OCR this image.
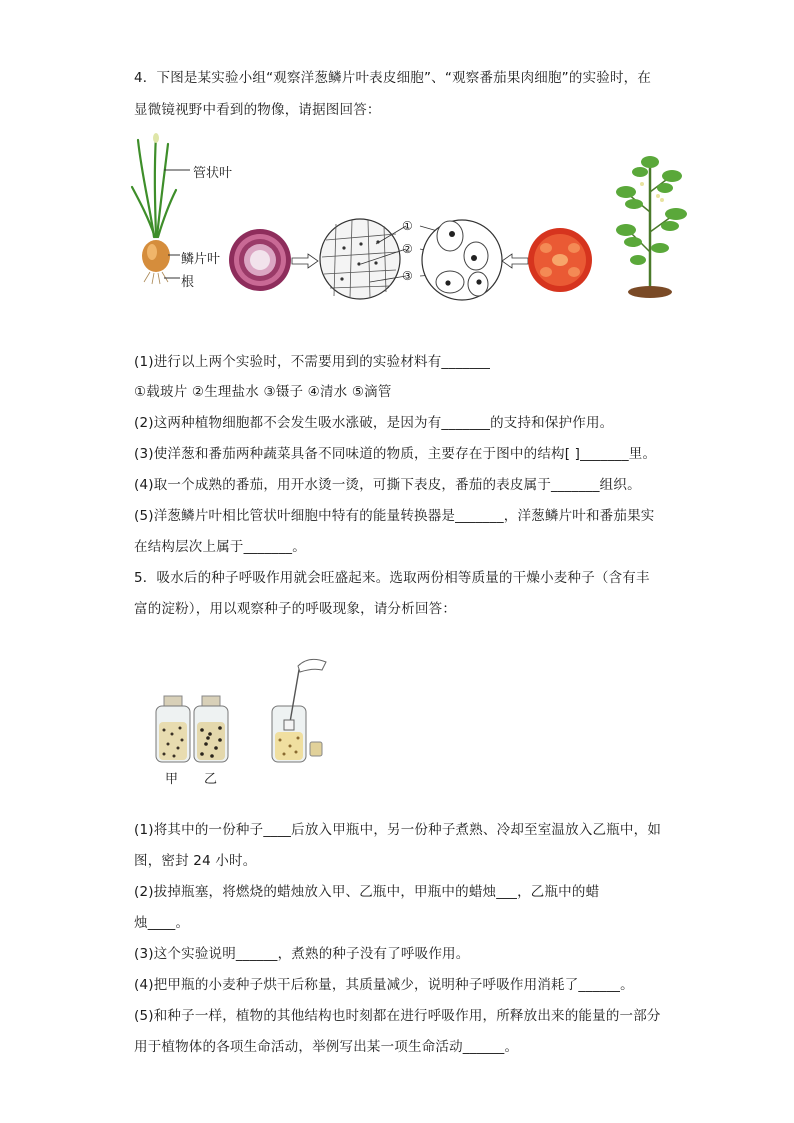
4．下图是某实验小组“观察洋葱鳞片叶表皮细胞”、“观察番茄果肉细胞”的实验时，在
显微镜视野中看到的物像，请据图回答：
管状叶
鳞片叶
根
①
②
③
(1)进行以上两个实验时，不需要用到的实验材料有_______
①载玻片 ②生理盐水 ③镊子 ④清水 ⑤滴管
(2)这两种植物细胞都不会发生吸水涨破，是因为有_______的支持和保护作用。
(3)使洋葱和番茄两种蔬菜具备不同味道的物质，主要存在于图中的结构[ ]_______里。
(4)取一个成熟的番茄，用开水烫一烫，可撕下表皮，番茄的表皮属于_______组织。
(5)洋葱鳞片叶相比管状叶细胞中特有的能量转换器是_______，洋葱鳞片叶和番茄果实
在结构层次上属于_______。
5．吸水后的种子呼吸作用就会旺盛起来。选取两份相等质量的干燥小麦种子（含有丰
富的淀粉），用以观察种子的呼吸现象，请分析回答：
甲 乙
(1)将其中的一份种子____后放入甲瓶中，另一份种子煮熟、冷却至室温放入乙瓶中，如
图，密封 24 小时。
(2)拔掉瓶塞，将燃烧的蜡烛放入甲、乙瓶中，甲瓶中的蜡烛___，乙瓶中的蜡
烛____。
(3)这个实验说明______，煮熟的种子没有了呼吸作用。
(4)把甲瓶的小麦种子烘干后称量，其质量减少，说明种子呼吸作用消耗了______。
(5)和种子一样，植物的其他结构也时刻都在进行呼吸作用，所释放出来的能量的一部分
用于植物体的各项生命活动，举例写出某一项生命活动______。
